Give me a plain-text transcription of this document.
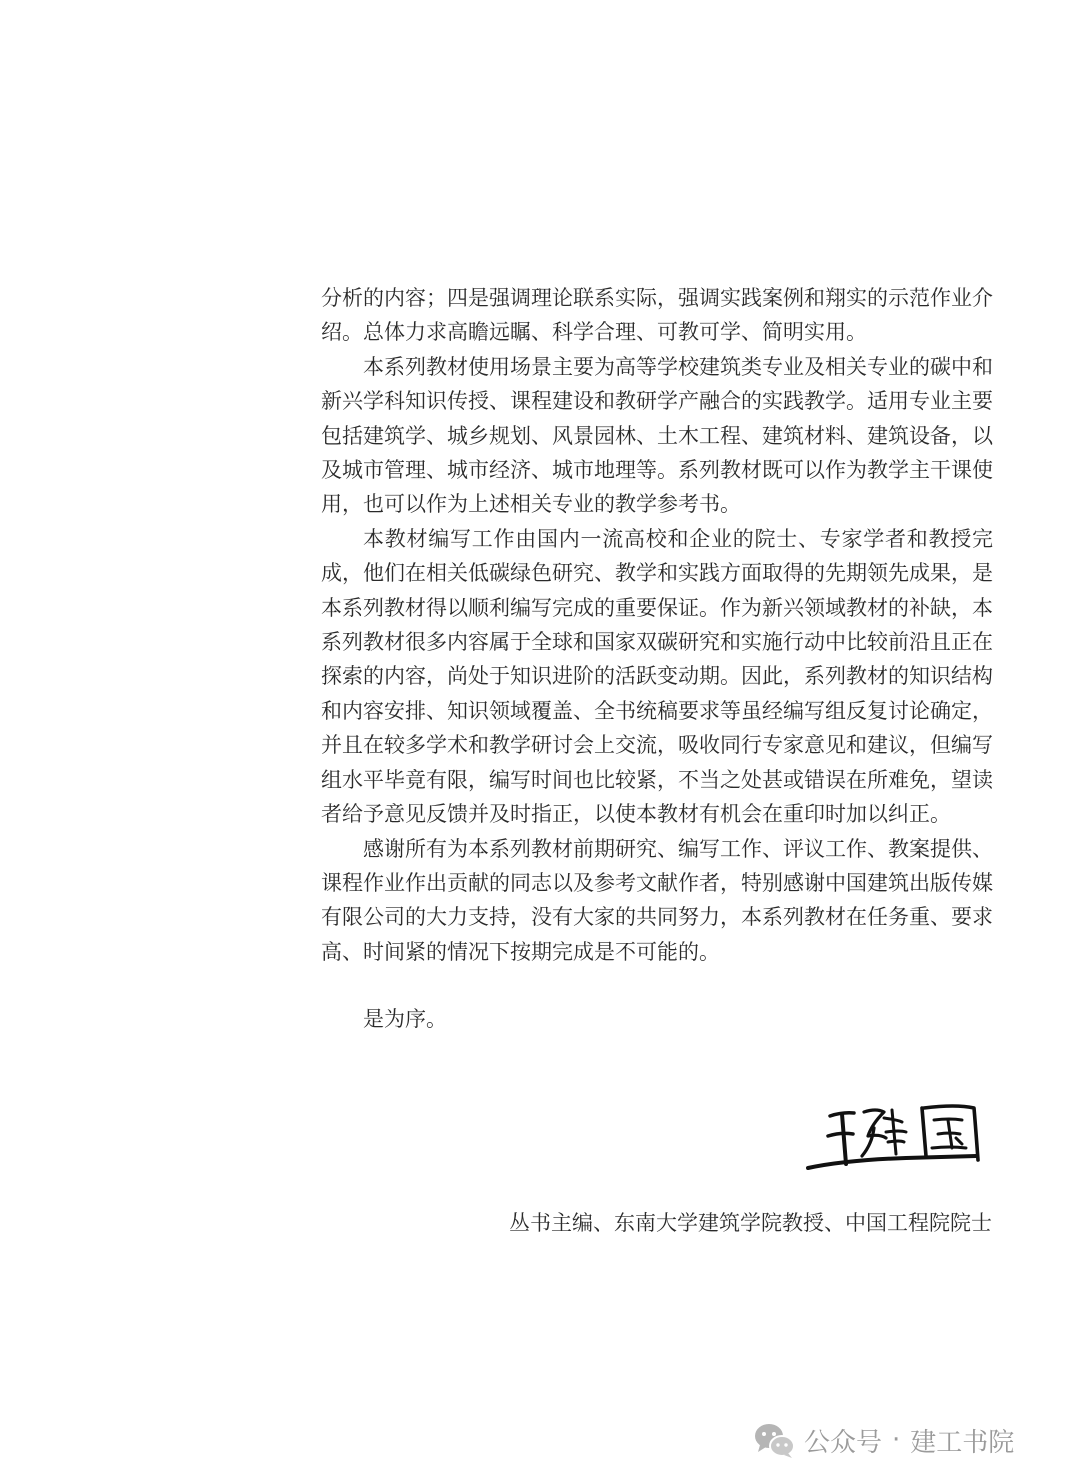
分析的内容；四是强调理论联系实际，强调实践案例和翔实的示范作业介绍。总体力求高瞻远瞩、科学合理、可教可学、简明实用。

本系列教材使用场景主要为高等学校建筑类专业及相关专业的碳中和新兴学科知识传授、课程建设和教研学产融合的实践教学。适用专业主要包括建筑学、城乡规划、风景园林、土木工程、建筑材料、建筑设备，以及城市管理、城市经济、城市地理等。系列教材既可以作为教学主干课使用，也可以作为上述相关专业的教学参考书。

本教材编写工作由国内一流高校和企业的院士、专家学者和教授完成，他们在相关低碳绿色研究、教学和实践方面取得的先期领先成果，是本系列教材得以顺利编写完成的重要保证。作为新兴领域教材的补缺，本系列教材很多内容属于全球和国家双碳研究和实施行动中比较前沿且正在探索的内容，尚处于知识进阶的活跃变动期。因此，系列教材的知识结构和内容安排、知识领域覆盖、全书统稿要求等虽经编写组反复讨论确定，并且在较多学术和教学研讨会上交流，吸收同行专家意见和建议，但编写组水平毕竟有限，编写时间也比较紧，不当之处甚或错误在所难免，望读者给予意见反馈并及时指正，以使本教材有机会在重印时加以纠正。

感谢所有为本系列教材前期研究、编写工作、评议工作、教案提供、课程作业作出贡献的同志以及参考文献作者，特别感谢中国建筑出版传媒有限公司的大力支持，没有大家的共同努力，本系列教材在任务重、要求高、时间紧的情况下按期完成是不可能的。

是为序。

丛书主编、东南大学建筑学院教授、中国工程院院士

公众号 · 建工书院
